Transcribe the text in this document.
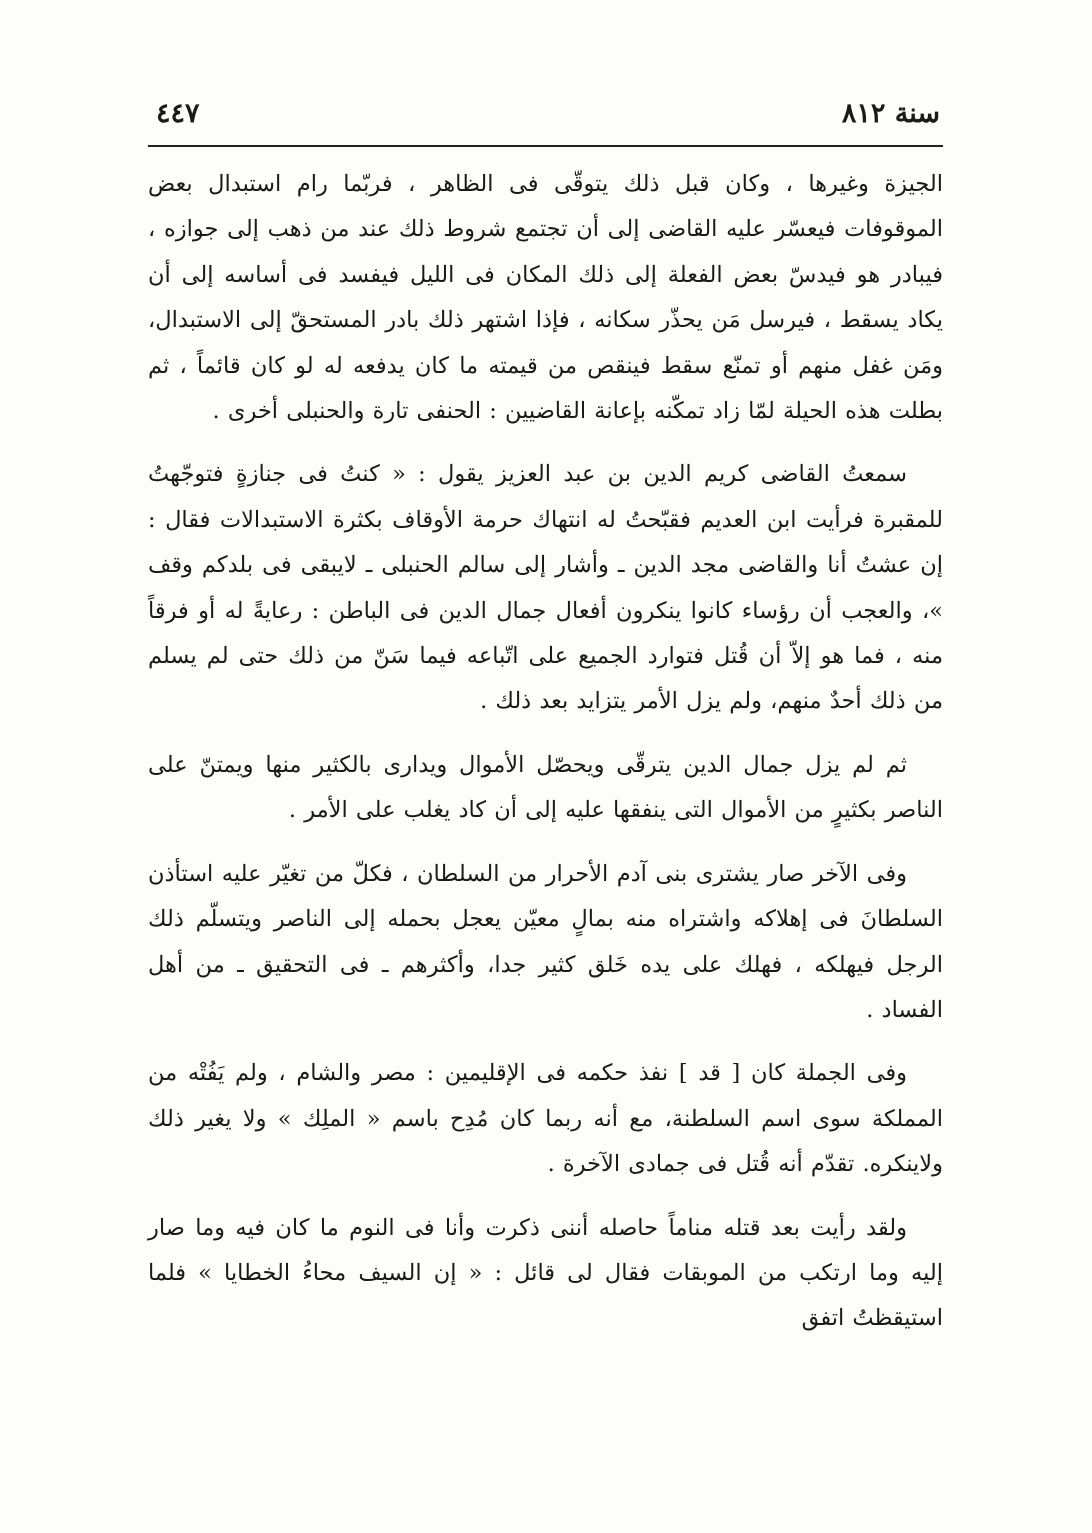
سنة ٨١٢
٤٤٧

الجيزة وغيرها ، وكان قبل ذلك يتوقّى فى الظاهر ، فربّما رام استبدال بعض الموقوفات فيعسّر عليه القاضى إلى أن تجتمع شروط ذلك عند من ذهب إلى جوازه ، فيبادر هو فيدسّ بعض الفعلة إلى ذلك المكان فى الليل فيفسد فى أساسه إلى أن يكاد يسقط ، فيرسل مَن يحذّر سكانه ، فإذا اشتهر ذلك بادر المستحقّ إلى الاستبدال، ومَن غفل منهم أو تمنّع سقط فينقص من قيمته ما كان يدفعه له لو كان قائماً ، ثم بطلت هذه الحيلة لمّا زاد تمكّنه بإعانة القاضيين : الحنفى تارة والحنبلى أخرى .

سمعتُ القاضى كريم الدين بن عبد العزيز يقول : « كنتُ فى جنازةٍ فتوجّهتُ للمقبرة فرأيت ابن العديم فقبّحتُ له انتهاك حرمة الأوقاف بكثرة الاستبدالات فقال : إن عشتُ أنا والقاضى مجد الدين ـ وأشار إلى سالم الحنبلى ـ لايبقى فى بلدكم وقف »، والعجب أن رؤساء كانوا ينكرون أفعال جمال الدين فى الباطن : رعايةً له أو فرقاً منه ، فما هو إلاّ أن قُتل فتوارد الجميع على اتّباعه فيما سَنّ من ذلك حتى لم يسلم من ذلك أحدٌ منهم، ولم يزل الأمر يتزايد بعد ذلك .

ثم لم يزل جمال الدين يترقّى ويحصّل الأموال ويدارى بالكثير منها ويمتنّ على الناصر بكثيرٍ من الأموال التى ينفقها عليه إلى أن كاد يغلب على الأمر .

وفى الآخر صار يشترى بنى آدم الأحرار من السلطان ، فكلّ من تغيّر عليه استأذن السلطانَ فى إهلاكه واشتراه منه بمالٍ معيّن يعجل بحمله إلى الناصر ويتسلّم ذلك الرجل فيهلكه ، فهلك على يده خَلق كثير جدا، وأكثرهم ـ فى التحقيق ـ من أهل الفساد .

وفى الجملة كان [ قد ] نفذ حكمه فى الإقليمين : مصر والشام ، ولم يَفُتْه من المملكة سوى اسم السلطنة، مع أنه ربما كان مُدِح باسم « الملِك » ولا يغير ذلك ولاينكره. تقدّم أنه قُتل فى جمادى الآخرة .

ولقد رأيت بعد قتله مناماً حاصله أننى ذكرت وأنا فى النوم ما كان فيه وما صار إليه وما ارتكب من الموبقات فقال لى قائل : « إن السيف محاءُ الخطايا » فلما استيقظتُ اتفق
